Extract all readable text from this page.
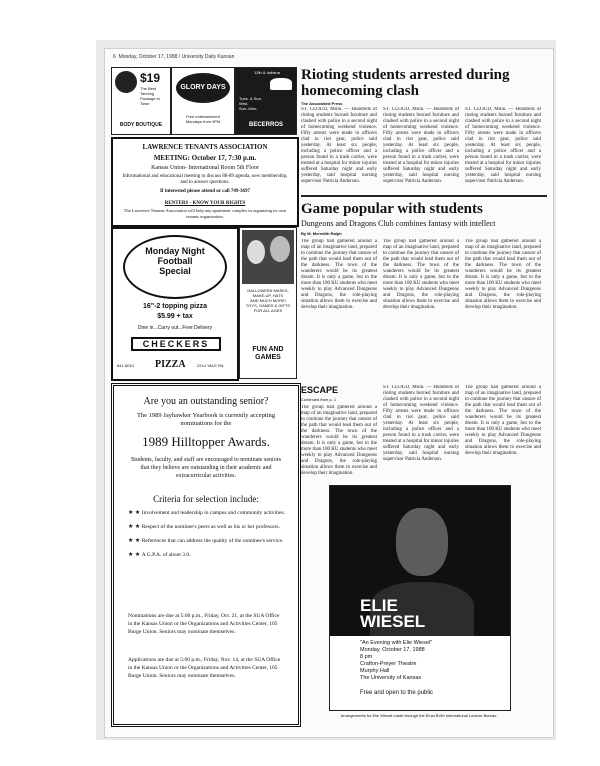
6 Monday, October 17, 1988 / University Daily Kansan
$19
The Best
Tanning
Package in
Town
BODY BOUTIQUE
GLORY DAYS
Free entertainment
Mondays from 9PM
12th & Indiana
Tues. & Sun.
Wed.
Sun.-Mon.
BECERROS
LAWRENCE TENANTS ASSOCIATION
MEETING: October 17, 7:30 p.m.
Kansas Union- International Room 5th Floor
Informational and educational meeting to discuss 88-89 agenda, new membership, and to answer questions.
If interested please attend or call 749-3697
RENTERS - KNOW YOUR RIGHTS
The Lawrence Tenants Association will help any apartment complex in organizing its own tenants organization.
Monday Night
Football
Special
16"-2 topping pizza
$5.99 + tax
Dine in...Carry out...Free Delivery
CHECKERS
841-8010 PIZZA	2214 YALE Rd.
HALLOWEEN MASKS,
MAKE-UP, HATS
AND MUCH MORE!
TOYS, GAMES & GIFTS
FOR ALL AGES
FUN AND GAMES
Are you an outstanding senior?
The 1989 Jayhawker Yearbook is currently accepting nominations for the
1989 Hilltopper Awards.
Students, faculty, and staff are encouraged to nominate seniors that they believe are outstanding in their academic and extracurricular activities.
Criteria for selection include:
★ ★ Involvement and leadership in campus and community activities.
★ ★ Respect of the nominee's peers as well as his or her professors.
★ ★ References that can address the quality of the nominee's service.
★ ★ A G.P.A. of about 3.0.
Nominations are due at 5:00 p.m., Friday, Oct. 21, at the SUA Office in the Kansas Union or the Organizations and Activities Center, 105 Burge Union. Seniors may nominate themselves.
Applications are due at 5:00 p.m., Friday, Nov. 14, at the SUA Office in the Kansas Union or the Organizations and Activities Center, 105 Burge Union. Seniors may nominate themselves.
Rioting students arrested during homecoming clash
The Associated Press
ST. CLOUD, Minn. — Hundreds of rioting students burned furniture and clashed with police in a second night of homecoming weekend violence. Fifty arrests were made in officers clad in riot gear, police said yesterday. At least six people, including a police officer and a person found in a trash carrier, were treated at a hospital for minor injuries suffered Saturday night and early yesterday, said hospital nursing supervisor Patricia Anderson.
ST. CLOUD, Minn. — Hundreds of rioting students burned furniture and clashed with police in a second night of homecoming weekend violence. Fifty arrests were made in officers clad in riot gear, police said yesterday. At least six people, including a police officer and a person found in a trash carrier, were treated at a hospital for minor injuries suffered Saturday night and early yesterday, said hospital nursing supervisor Patricia Anderson.
ST. CLOUD, Minn. — Hundreds of rioting students burned furniture and clashed with police in a second night of homecoming weekend violence. Fifty arrests were made in officers clad in riot gear, police said yesterday. At least six people, including a police officer and a person found in a trash carrier, were treated at a hospital for minor injuries suffered Saturday night and early yesterday, said hospital nursing supervisor Patricia Anderson.
Game popular with students
Dungeons and Dragons Club combines fantasy with intellect
By M. Meredith Ralph
The group had gathered around a map of an imaginative land, prepared to continue the journey that unsure of the path that would lead them out of the darkness. The town of the wanderers would be its greatest dream. It is only a game, but to the more than 100 KU students who meet weekly to play Advanced Dungeons and Dragons, the role-playing situation allows them to exercise and develop their imagination.
The group had gathered around a map of an imaginative land, prepared to continue the journey that unsure of the path that would lead them out of the darkness. The town of the wanderers would be its greatest dream. It is only a game, but to the more than 100 KU students who meet weekly to play Advanced Dungeons and Dragons, the role-playing situation allows them to exercise and develop their imagination.
The group had gathered around a map of an imaginative land, prepared to continue the journey that unsure of the path that would lead them out of the darkness. The town of the wanderers would be its greatest dream. It is only a game, but to the more than 100 KU students who meet weekly to play Advanced Dungeons and Dragons, the role-playing situation allows them to exercise and develop their imagination.
ESCAPE
Continued from p. 1
The group had gathered around a map of an imaginative land, prepared to continue the journey that unsure of the path that would lead them out of the darkness. The town of the wanderers would be its greatest dream. It is only a game, but to the more than 100 KU students who meet weekly to play Advanced Dungeons and Dragons, the role-playing situation allows them to exercise and develop their imagination.
ST. CLOUD, Minn. — Hundreds of rioting students burned furniture and clashed with police in a second night of homecoming weekend violence. Fifty arrests were made in officers clad in riot gear, police said yesterday. At least six people, including a police officer and a person found in a trash carrier, were treated at a hospital for minor injuries suffered Saturday night and early yesterday, said hospital nursing supervisor Patricia Anderson.
The group had gathered around a map of an imaginative land, prepared to continue the journey that unsure of the path that would lead them out of the darkness. The town of the wanderers would be its greatest dream. It is only a game, but to the more than 100 KU students who meet weekly to play Advanced Dungeons and Dragons, the role-playing situation allows them to exercise and develop their imagination.
ELIE
WIESEL
"An Evening with Elie Wiesel"
Monday, October 17, 1988
8 pm
Crafton-Preyer Theatre
Murphy Hall
The University of Kansas
Free and open to the public
Arrangements for Elie Wiesel made through the B'nai B'rith International Lecture Bureau.
